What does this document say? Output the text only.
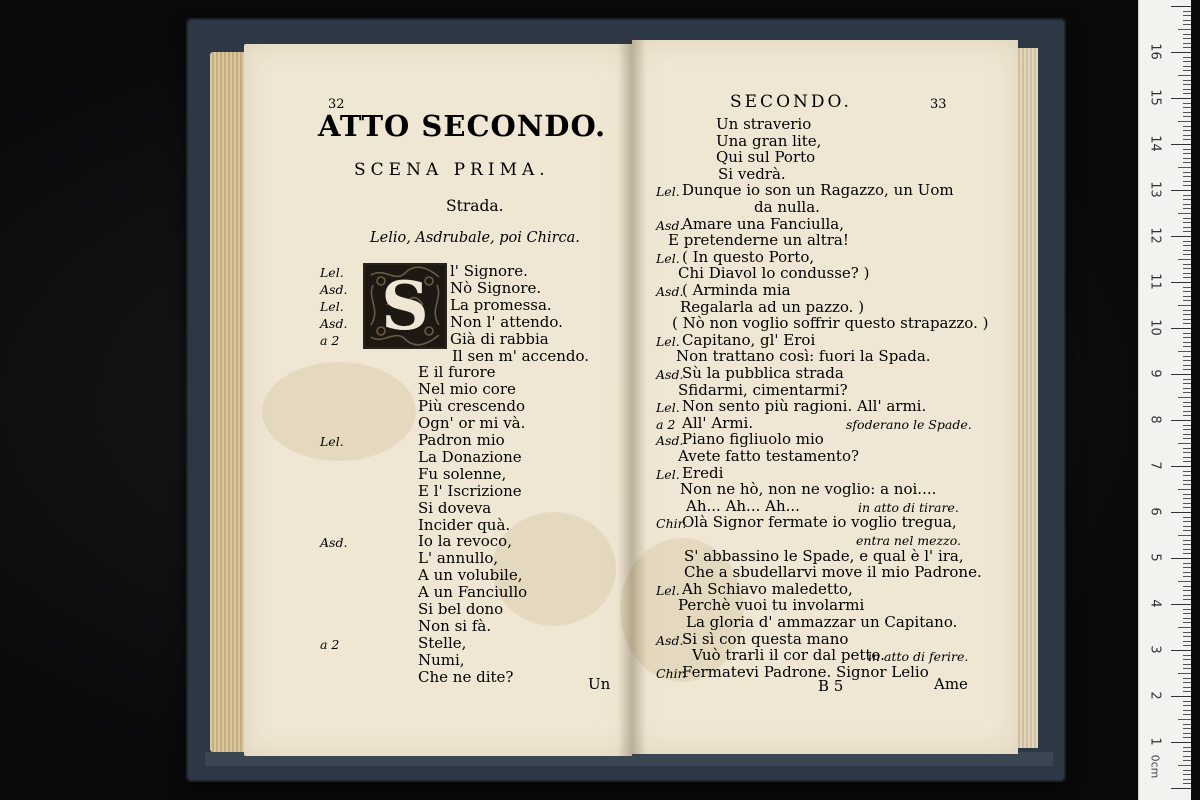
32
ATTO SECONDO.
SCENA PRIMA.
Strada.
Lelio, Asdrubale, poi Chirca.
S
Lel.	l' Signore.
Asd.	Nò Signore.
Lel.	La promessa.
Asd.	Non l' attendo.
a 2	Già di rabbia
Il sen m' accendo.
E il furore
Nel mio core
Più crescendo
Ogn' or mi và.
Lel.	Padron mio
La Donazione
Fu solenne,
E l' Iscrizione
Si doveva
Incider quà.
Asd.	Io la revoco,
L' annullo,
A un volubile,
A un Fanciullo
Si bel dono
Non si fà.
a 2	Stelle,
Numi,
Che ne dite?	Un
SECONDO.	33
Un straverio
Una gran lite,
Qui sul Porto
Si vedrà.
Lel. Dunque io son un Ragazzo, un Uom
da nulla.
Asd.
Amare una Fanciulla,
E pretenderne un altra!
Lel. ( In questo Porto,
Chi Diavol lo condusse? )
Asd.
( Arminda mia
Regalarla ad un pazzo. )
( Nò non voglio soffrir questo strapazzo. )
Lel. Capitano, gl' Eroi
Non trattano così: fuori la Spada.
Asd.
Sù la pubblica strada
Sfidarmi, cimentarmi?
Lel. Non sento più ragioni. All' armi.
a 2 All' Armi.	sfoderano le Spade.
Asd.
Piano figliuolo mio
Avete fatto testamento?
Lel. Eredi
Non ne hò, non ne voglio: a noi....
Ah... Ah... Ah...	in atto di tirare.
Chir.
Olà Signor fermate io voglio tregua,
entra nel mezzo.
S' abbassino le Spade, e qual è l' ira,
Che a sbudellarvi move il mio Padrone.
Lel. Ah Schiavo maledetto,
Perchè vuoi tu involarmi
La gloria d' ammazzar un Capitano.
Asd.
Si sì con questa mano
Vuò trarli il cor dal petto.
in atto di ferire.
Chir.
Fermatevi Padrone. Signor Lelio
B 5	Ame
16
15
14
13
12
11
10
9
8
7
6
5
4
3
2
1
0cm
